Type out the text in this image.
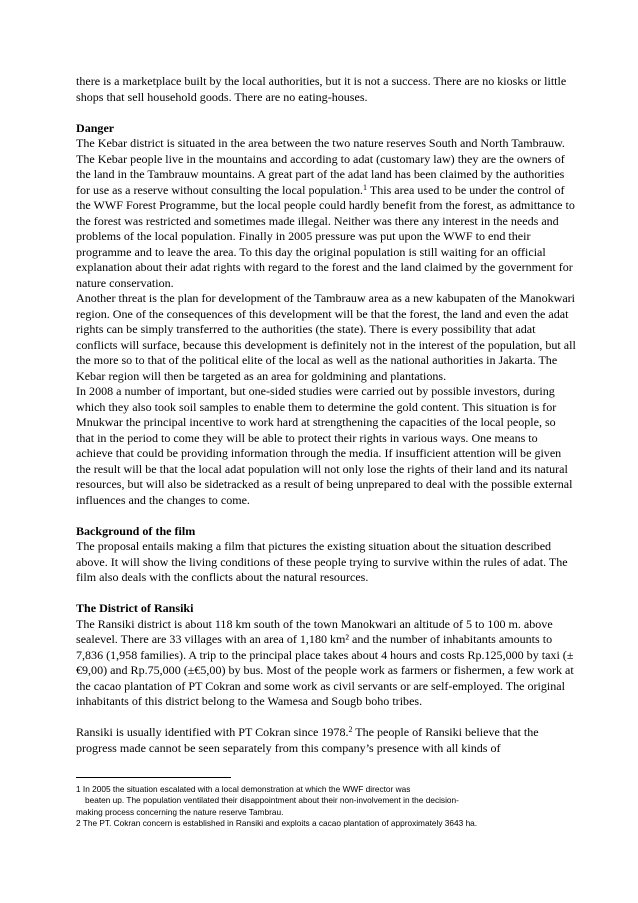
there is a marketplace built by the local authorities, but it is not a success. There are no kiosks or little shops that sell household goods. There are no eating-houses.

Danger

The Kebar district is situated in the area between the two nature reserves South and North Tambrauw. The Kebar people live in the mountains and according to adat (customary law) they are the owners of the land in the Tambrauw mountains. A great part of the adat land has been claimed by the authorities for use as a reserve without consulting the local population.$^1$ This area used to be under the control of the WWF Forest Programme, but the local people could hardly benefit from the forest, as admittance to the forest was restricted and sometimes made illegal. Neither was there any interest in the needs and problems of the local population. Finally in 2005 pressure was put upon the WWF to end their programme and to leave the area. To this day the original population is still waiting for an official explanation about their adat rights with regard to the forest and the land claimed by the government for nature conservation.

Another threat is the plan for development of the Tambrauw area as a new kabupaten of the Manokwari region. One of the consequences of this development will be that the forest, the land and even the adat rights can be simply transferred to the authorities (the state). There is every possibility that adat conflicts will surface, because this development is definitely not in the interest of the population, but all the more so to that of the political elite of the local as well as the national authorities in Jakarta. The Kebar region will then be targeted as an area for goldmining and plantations.

In 2008 a number of important, but one-sided studies were carried out by possible investors, during which they also took soil samples to enable them to determine the gold content. This situation is for Mnukwar the principal incentive to work hard at strengthening the capacities of the local people, so that in the period to come they will be able to protect their rights in various ways. One means to achieve that could be providing information through the media. If insufficient attention will be given the result will be that the local adat population will not only lose the rights of their land and its natural resources, but will also be sidetracked as a result of being unprepared to deal with the possible external influences and the changes to come.

Background of the film

The proposal entails making a film that pictures the existing situation about the situation described above. It will show the living conditions of these people trying to survive within the rules of adat. The film also deals with the conflicts about the natural resources.

The District of Ransiki

The Ransiki district is about 118 km south of the town Manokwari an altitude of 5 to 100 m. above sealevel. There are 33 villages with an area of 1,180 km² and the number of inhabitants amounts to 7,836 (1,958 families). A trip to the principal place takes about 4 hours and costs Rp.125,000 by taxi (±€9,00) and Rp.75,000 (±€5,00) by bus. Most of the people work as farmers or fishermen, a few work at the cacao plantation of PT Cokran and some work as civil servants or are self-employed. The original inhabitants of this district belong to the Wamesa and Sougb boho tribes.

Ransiki is usually identified with PT Cokran since 1978.$^2$ The people of Ransiki believe that the progress made cannot be seen separately from this company’s presence with all kinds of

1 In 2005 the situation escalated with a local demonstration at which the WWF director was
beaten up. The population ventilated their disappointment about their non-involvement in the decision-
making process concerning the nature reserve Tambrau.
2 The PT. Cokran concern is established in Ransiki and exploits a cacao plantation of approximately 3643 ha.
